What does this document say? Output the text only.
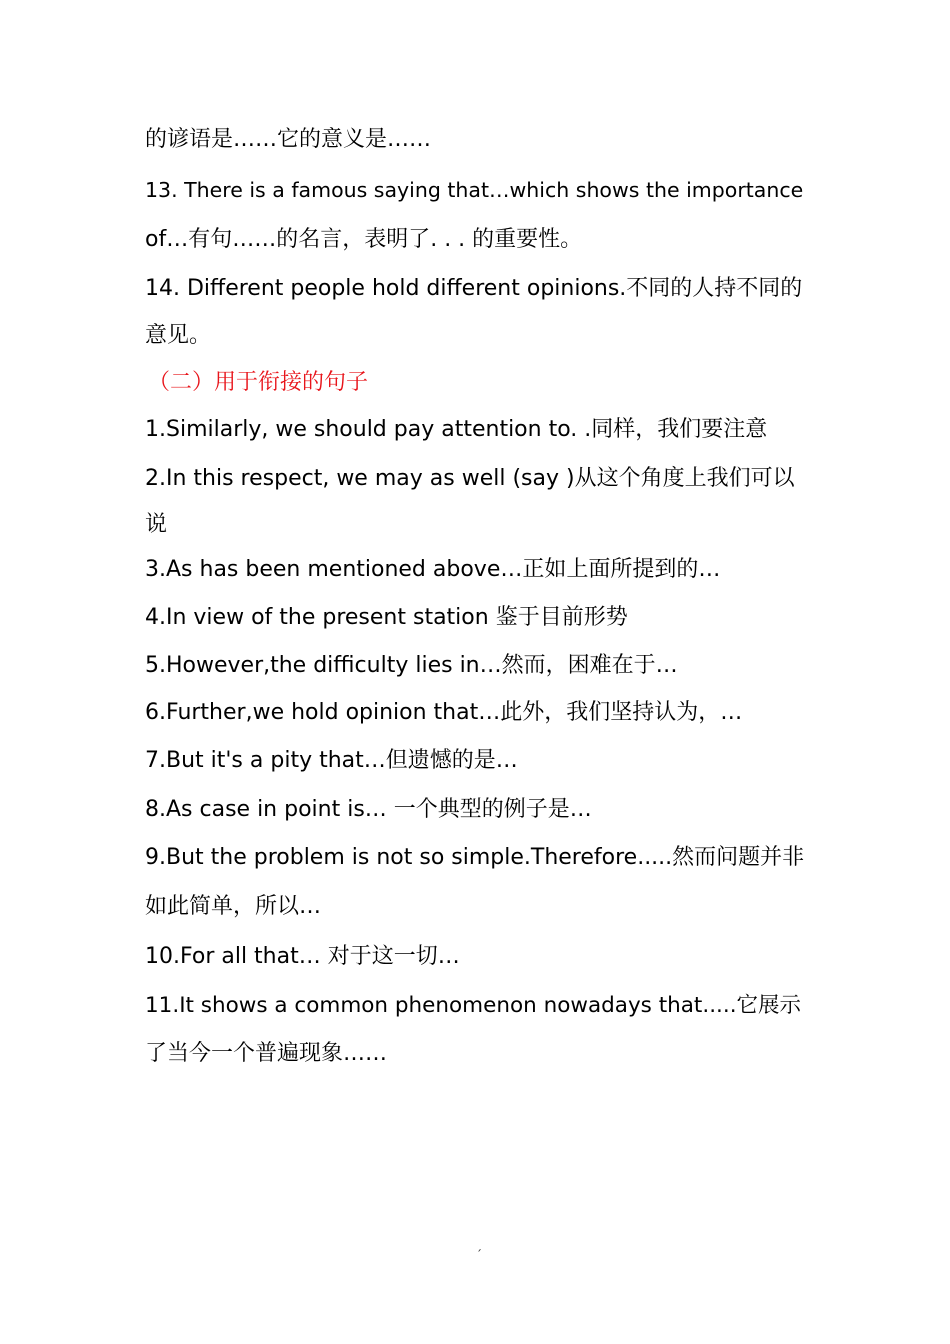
的谚语是……它的意义是……
13. There is a famous saying that…which shows the importance
of…有句……的名言，表明了. . . 的重要性。
14. Different people hold different opinions.不同的人持不同的
意见。
（二）用于衔接的句子
1.Similarly, we should pay attention to. .同样，我们要注意
2.In this respect, we may as well (say )从这个角度上我们可以
说
3.As has been mentioned above…正如上面所提到的…
4.In view of the present station 鉴于目前形势
5.However,the difficulty lies in…然而，困难在于…
6.Further,we hold opinion that…此外，我们坚持认为，…
7.But it's a pity that…但遗憾的是…
8.As case in point is… 一个典型的例子是…
9.But the problem is not so simple.Therefore.....然而问题并非
如此简单，所以…
10.For all that… 对于这一切…
11.It shows a common phenomenon nowadays that.....它展示
了当今一个普遍现象……
ˊ
